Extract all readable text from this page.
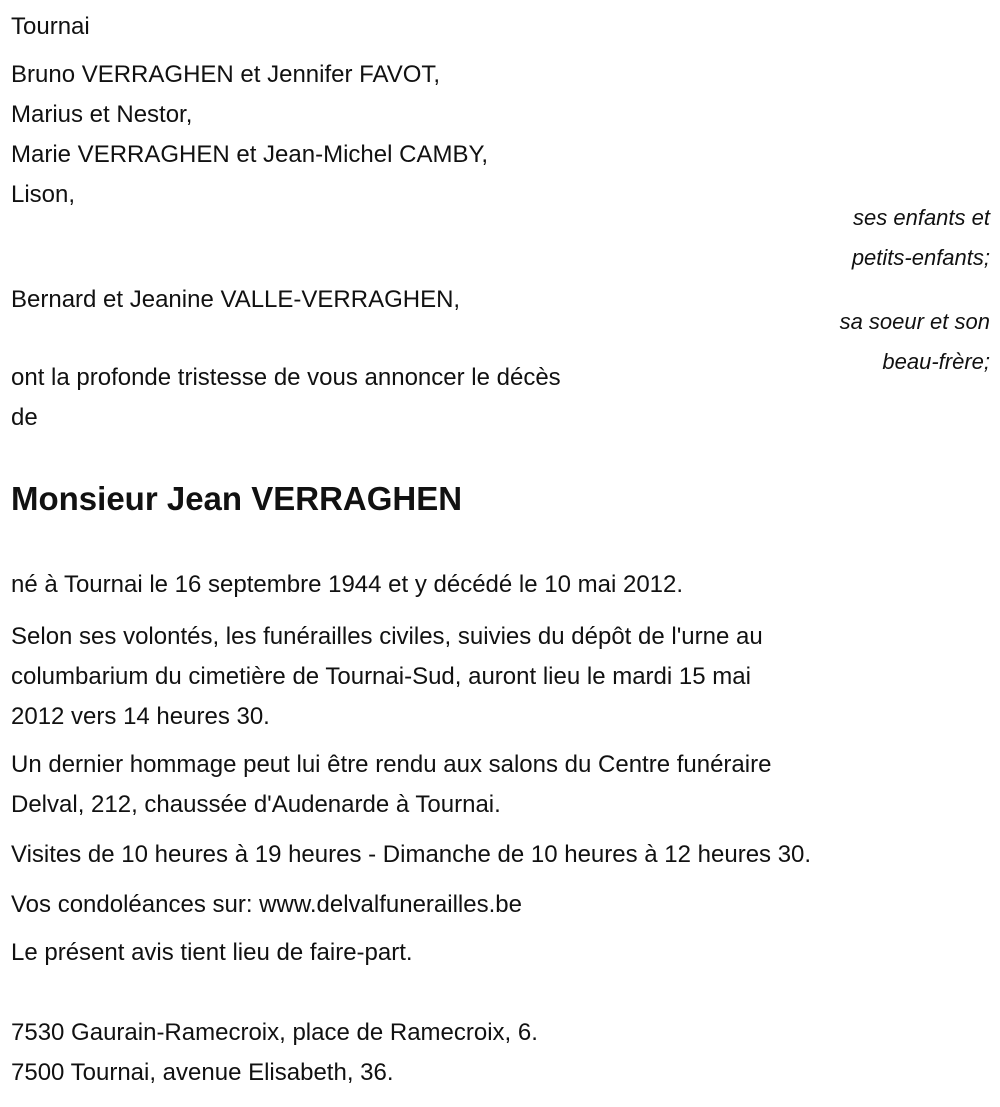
Tournai
Bruno VERRAGHEN et Jennifer FAVOT,
Marius et Nestor,
Marie VERRAGHEN et Jean-Michel CAMBY,
Lison,
ses enfants et
petits-enfants;
Bernard et Jeanine VALLE-VERRAGHEN,
sa soeur et son
beau-frère;
ont la profonde tristesse de vous annoncer le décès
de
Monsieur Jean VERRAGHEN
né à Tournai le 16 septembre 1944 et y décédé le 10 mai 2012.
Selon ses volontés, les funérailles civiles, suivies du dépôt de l'urne au
columbarium du cimetière de Tournai-Sud, auront lieu le mardi 15 mai
2012 vers 14 heures 30.
Un dernier hommage peut lui être rendu aux salons du Centre funéraire
Delval, 212, chaussée d'Audenarde à Tournai.
Visites de 10 heures à 19 heures - Dimanche de 10 heures à 12 heures 30.
Vos condoléances sur: www.delvalfunerailles.be
Le présent avis tient lieu de faire-part.
7530 Gaurain-Ramecroix, place de Ramecroix, 6.
7500 Tournai, avenue Elisabeth, 36.
